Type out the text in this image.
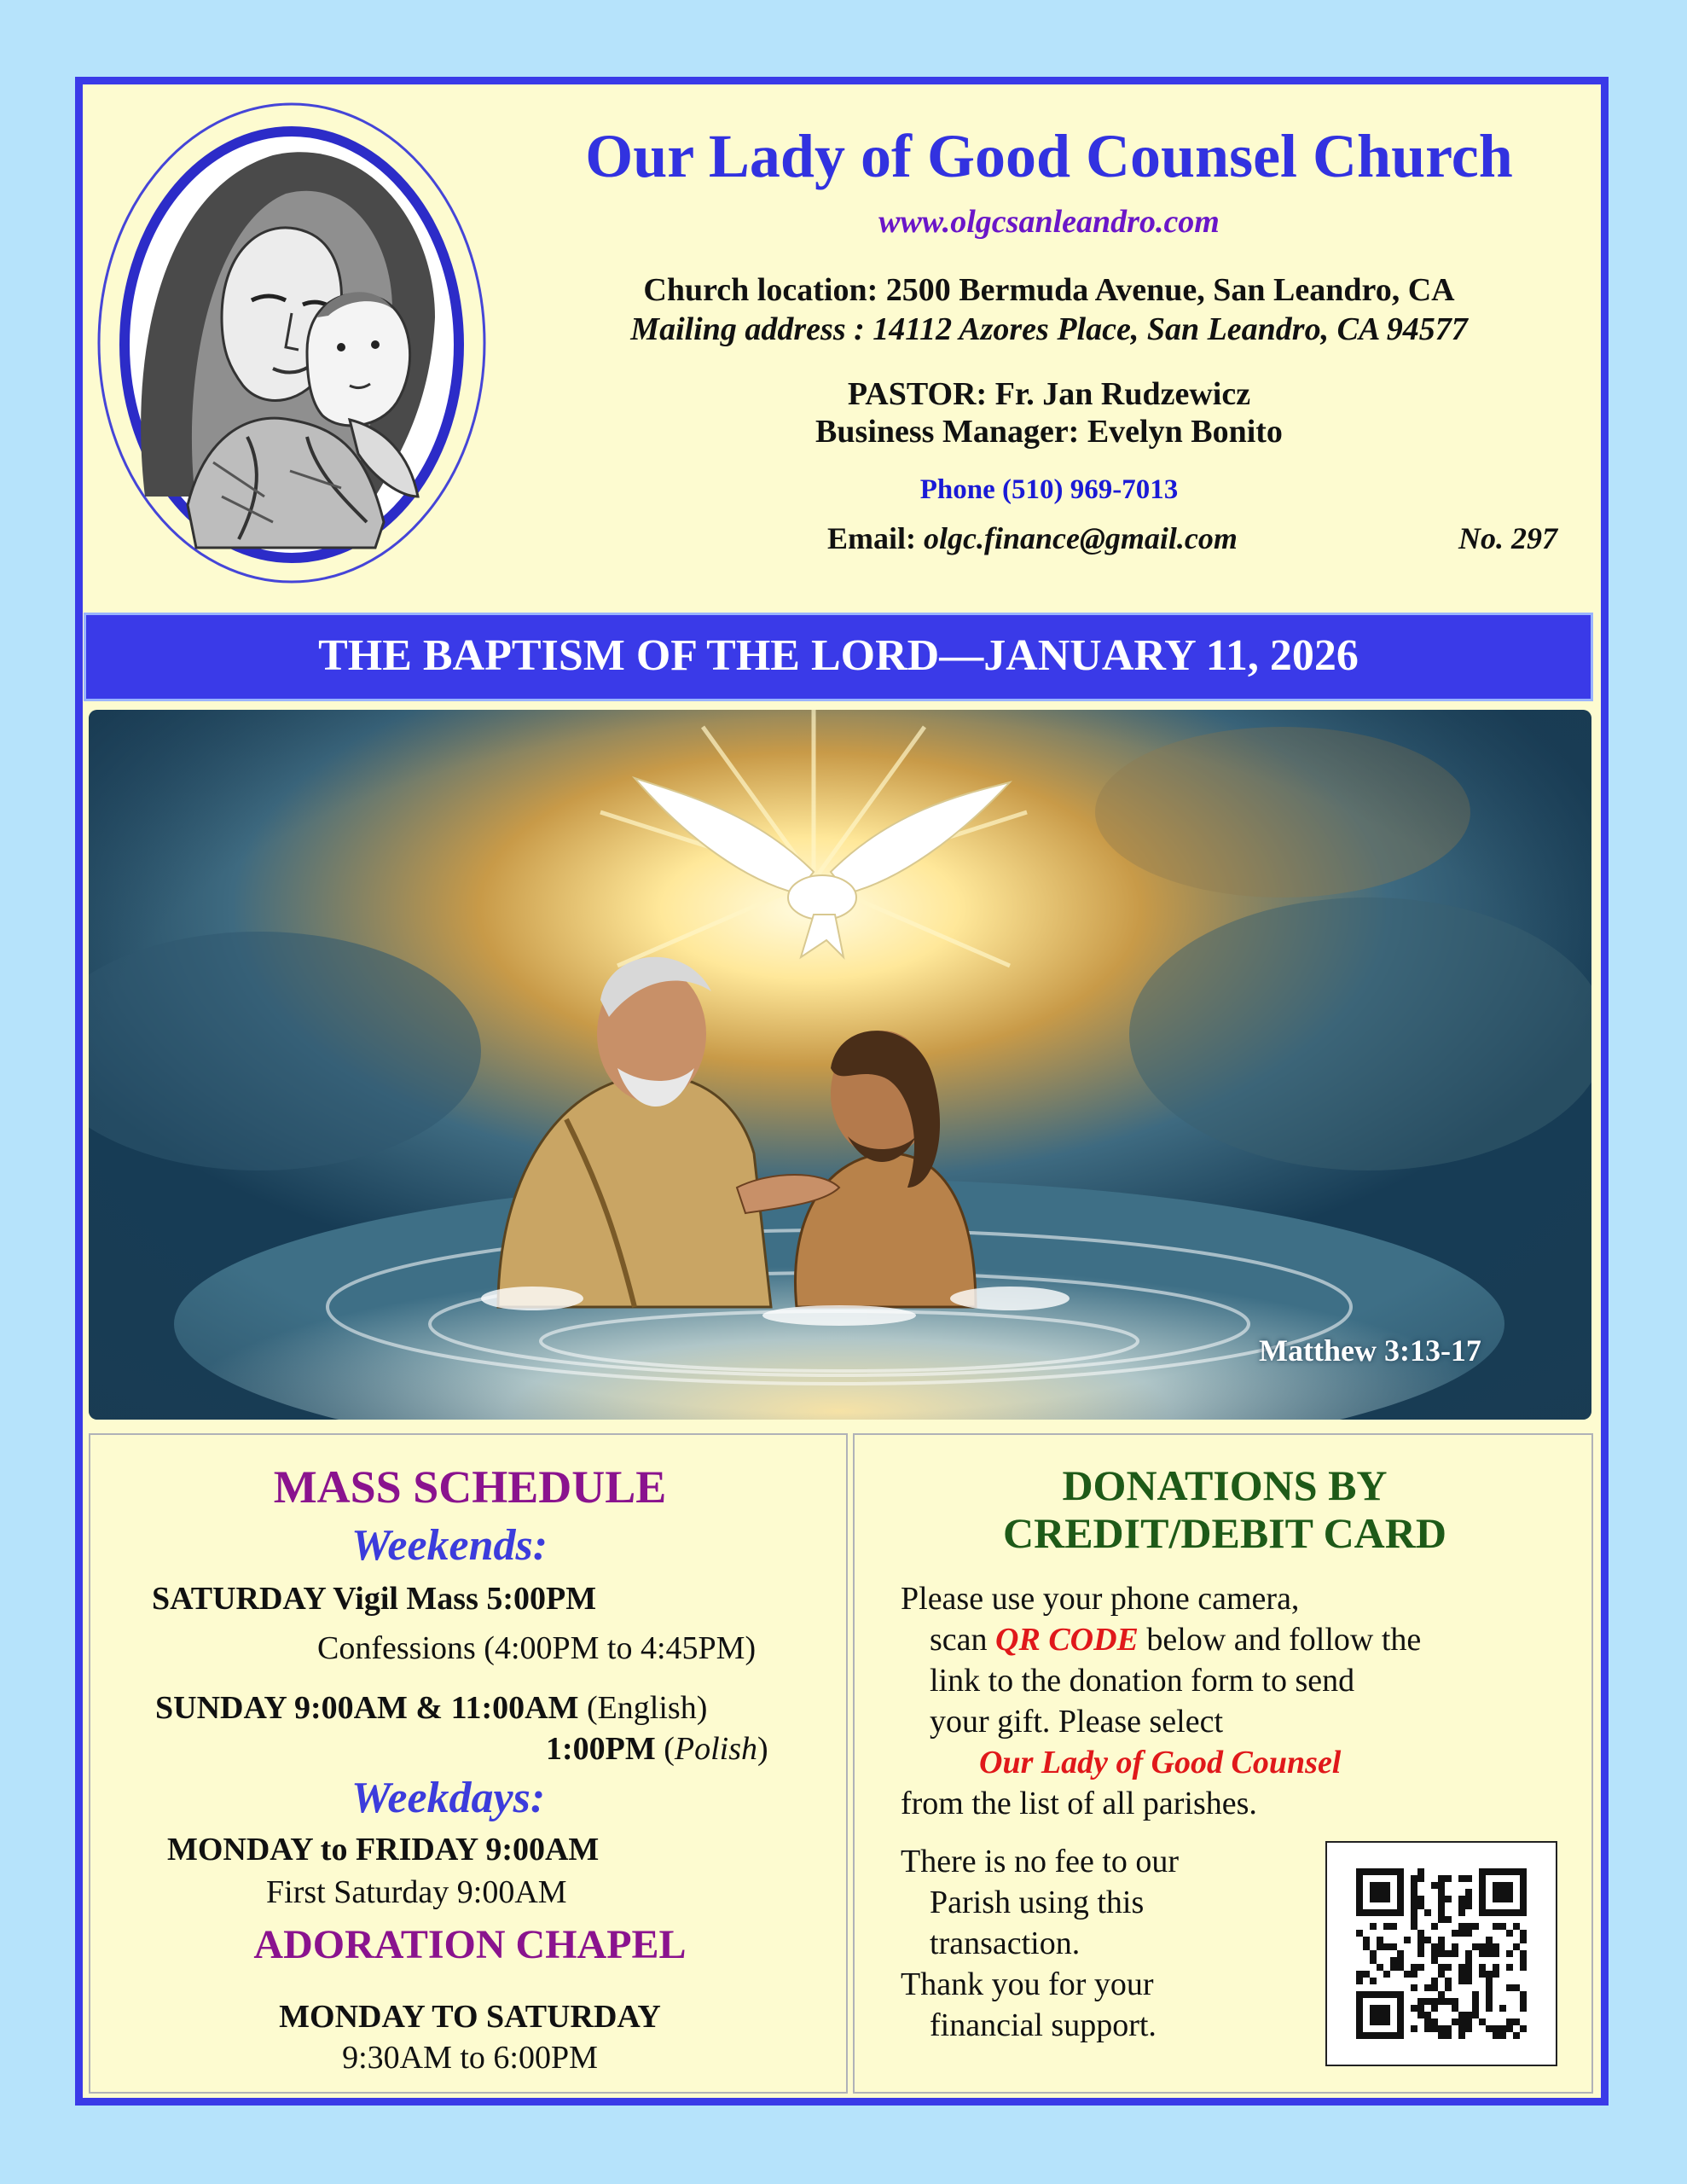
Our Lady of Good Counsel Church
www.olgcsanleandro.com
Church location: 2500 Bermuda Avenue, San Leandro, CA
Mailing address : 14112 Azores Place, San Leandro, CA 94577
PASTOR: Fr. Jan Rudzewicz
Business Manager: Evelyn Bonito
Phone (510) 969-7013
Email: olgc.finance@gmail.com	No. 297
THE BAPTISM OF THE LORD—JANUARY 11, 2026
Matthew 3:13-17
MASS SCHEDULE
Weekends:
SATURDAY Vigil Mass 5:00PM
Confessions (4:00PM to 4:45PM)
SUNDAY 9:00AM & 11:00AM (English)
1:00PM (Polish)
Weekdays:
MONDAY to FRIDAY 9:00AM
First Saturday 9:00AM
ADORATION CHAPEL
MONDAY TO SATURDAY
9:30AM to 6:00PM
DONATIONS BY
CREDIT/DEBIT CARD
Please use your phone camera,
scan QR CODE below and follow the
link to the donation form to send
your gift. Please select
Our Lady of Good Counsel
from the list of all parishes.
There is no fee to our
Parish using this
transaction.
Thank you for your
financial support.
